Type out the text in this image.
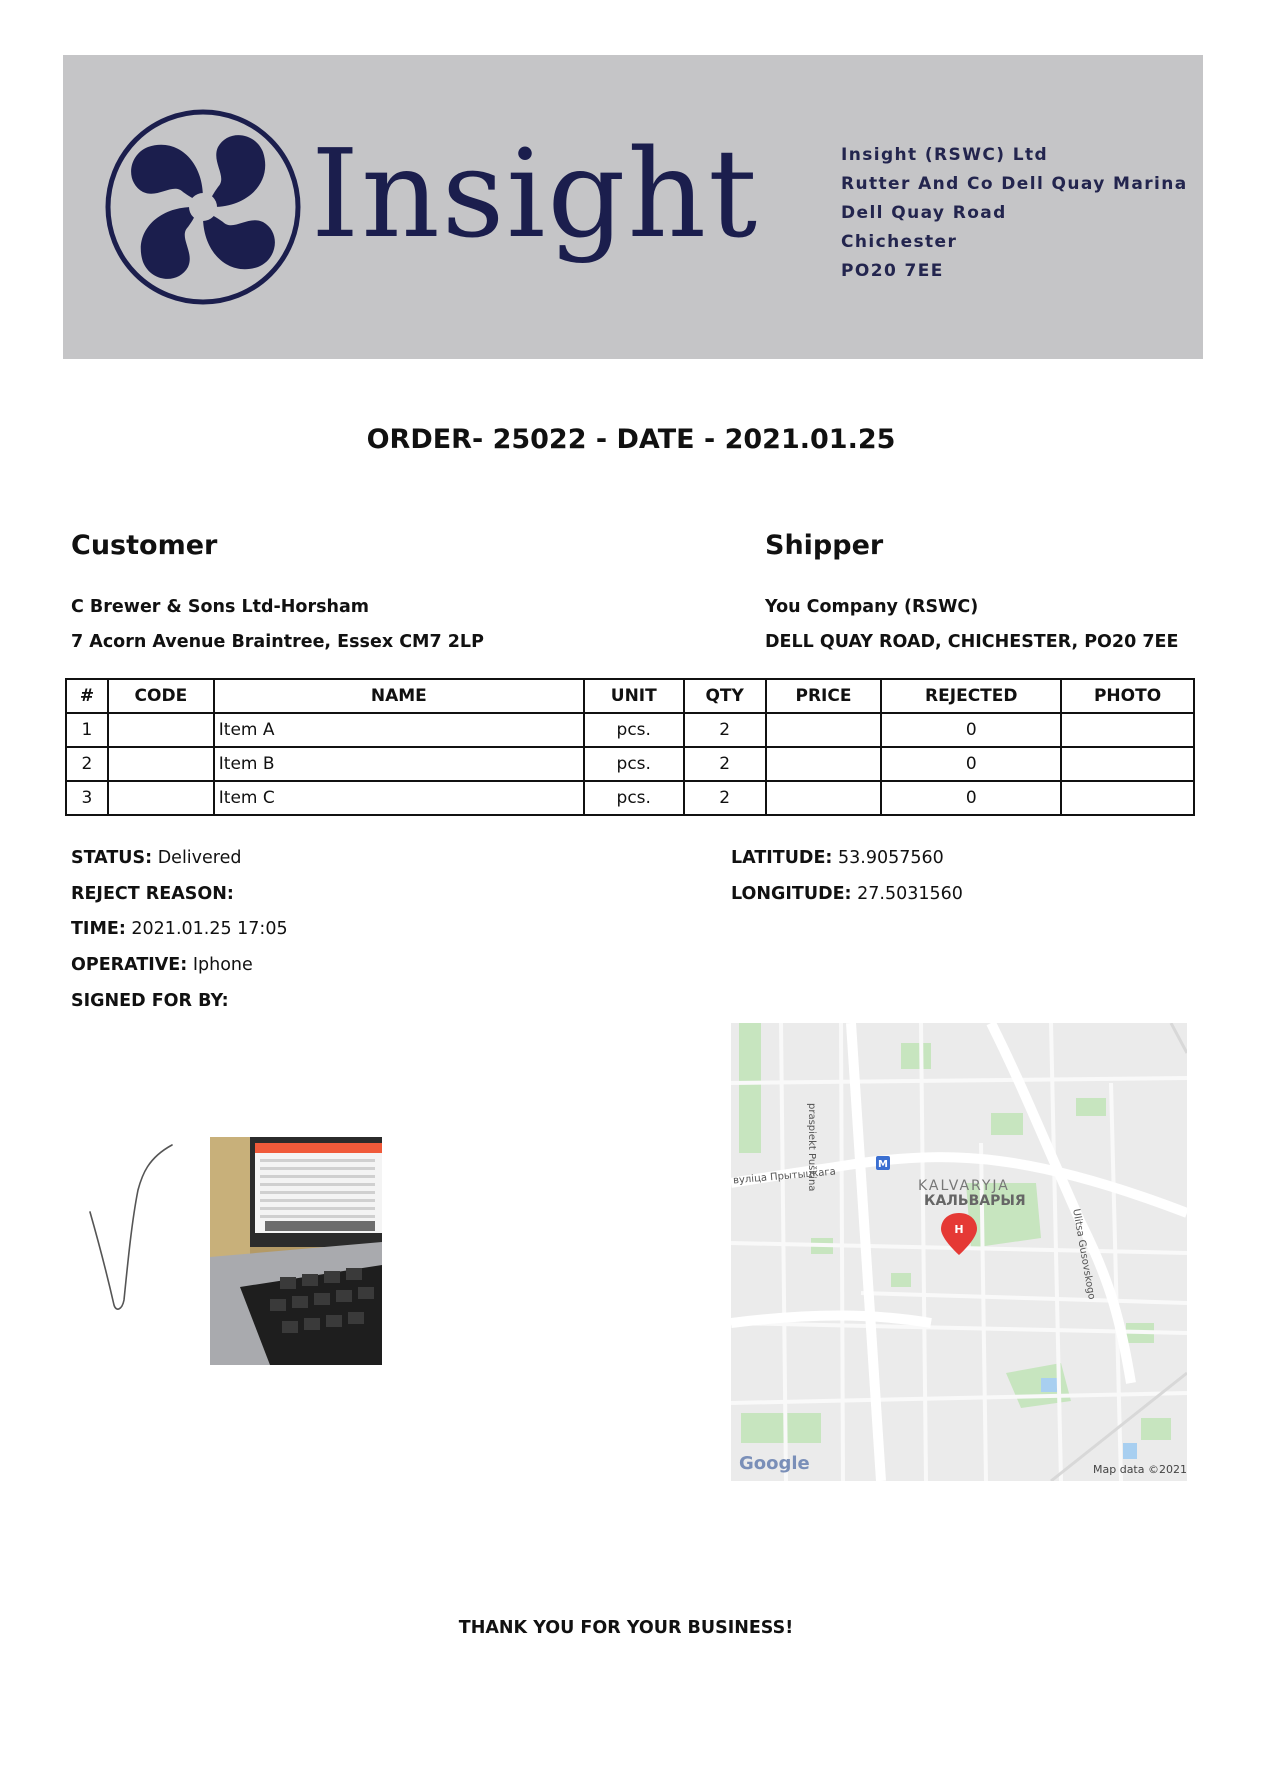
Insight	Insight (RSWC) Ltd
Rutter And Co Dell Quay Marina
Dell Quay Road
Chichester
PO20 7EE
ORDER- 25022 - DATE - 2021.01.25
Customer
C Brewer & Sons Ltd-Horsham
7 Acorn Avenue Braintree, Essex CM7 2LP
Shipper
You Company (RSWC)
DELL QUAY ROAD, CHICHESTER, PO20 7EE
#	CODE	NAME	UNIT	QTY	PRICE	REJECTED	PHOTO
1		Item A	pcs.	2		0	
2		Item B	pcs.	2		0	
3		Item C	pcs.	2		0	
STATUS: Delivered
REJECT REASON:
TIME: 2021.01.25 17:05
OPERATIVE: Iphone
SIGNED FOR BY:
LATITUDE: 53.9057560
LONGITUDE: 27.5031560
M
H
praspiekt Puškina
вуліца Прытыцкага	KALVARYJA
КАЛЬВАРЫЯ
Ulitsa Gusovskogo
Google	Map data ©2021
THANK YOU FOR YOUR BUSINESS!
